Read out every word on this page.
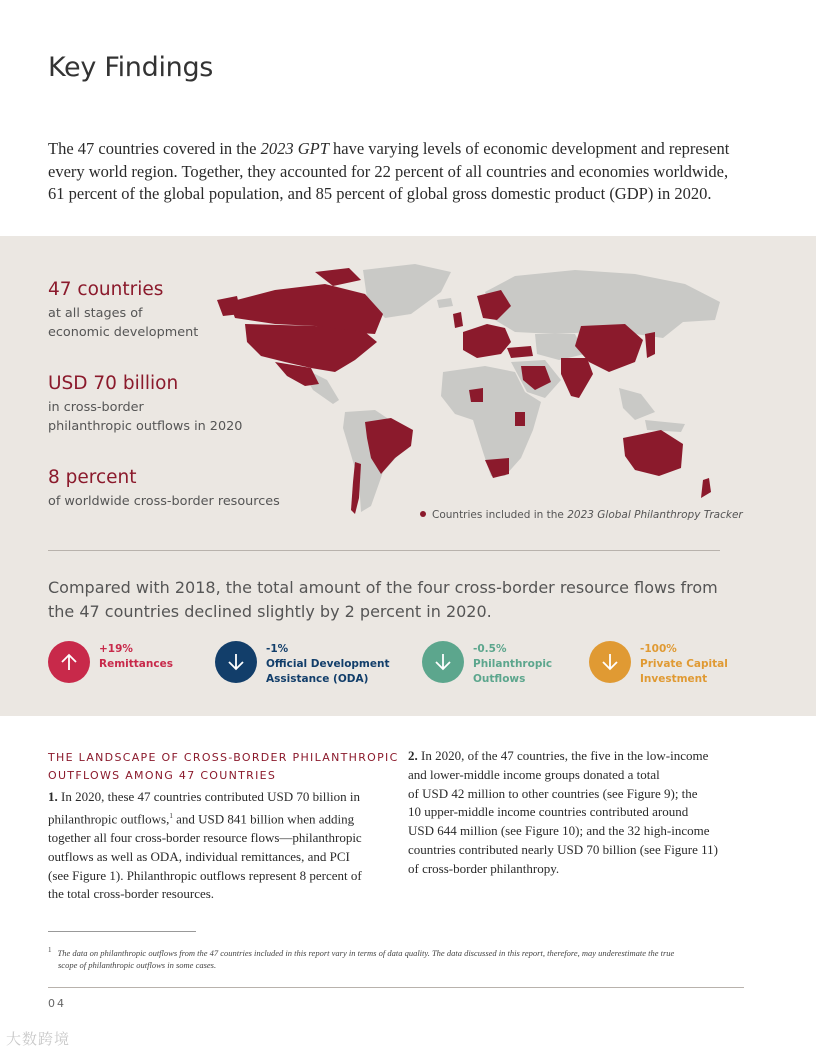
Key Findings

The 47 countries covered in the 2023 GPT have varying levels of economic development and represent
every world region. Together, they accounted for 22 percent of all countries and economies worldwide,
61 percent of the global population, and 85 percent of global gross domestic product (GDP) in 2020.

47 countries
at all stages of
economic development
USD 70 billion
in cross-border
philanthropic outflows in 2020
8 percent
of worldwide cross-border resources
Countries included in the 2023 Global Philanthropy Tracker

Compared with 2018, the total amount of the four cross-border resource flows from
the 47 countries declined slightly by 2 percent in 2020.

+19%
Remittances
-1%
Official Development
Assistance (ODA)
-0.5%
Philanthropic
Outflows
-100%
Private Capital
Investment
THE LANDSCAPE OF CROSS-BORDER PHILANTHROPIC
OUTFLOWS AMONG 47 COUNTRIES

1. In 2020, these 47 countries contributed USD 70 billion in
philanthropic outflows,$^1$ and USD 841 billion when adding
together all four cross-border resource flows—philanthropic
outflows as well as ODA, individual remittances, and PCI
(see Figure 1). Philanthropic outflows represent 8 percent of
the total cross-border resources.

2. In 2020, of the 47 countries, the five in the low-income
and lower-middle income groups donated a total
of USD 42 million to other countries (see Figure 9); the
10 upper-middle income countries contributed around
USD 644 million (see Figure 10); and the 32 high-income
countries contributed nearly USD 70 billion (see Figure 11)
of cross-border philanthropy.

$^1$ The data on philanthropic outflows from the 47 countries included in this report vary in terms of data quality. The data discussed in this report, therefore, may underestimate the true
scope of philanthropic outflows in some cases.

04
大数跨境
